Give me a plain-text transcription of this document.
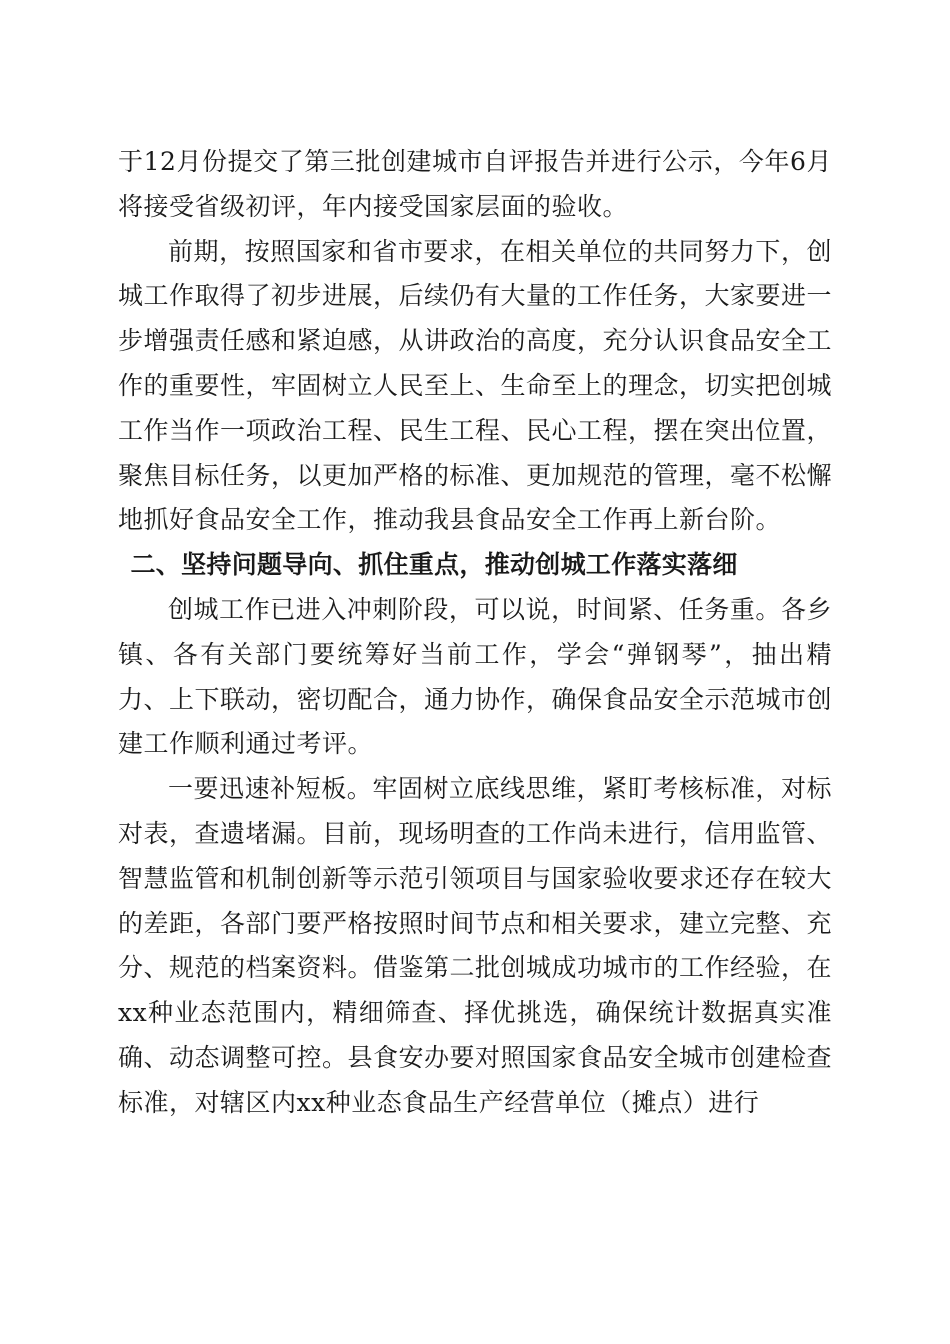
于12月份提交了第三批创建城市自评报告并进行公示，今年6月将接受省级初评，年内接受国家层面的验收。

前期，按照国家和省市要求，在相关单位的共同努力下，创城工作取得了初步进展，后续仍有大量的工作任务，大家要进一步增强责任感和紧迫感，从讲政治的高度，充分认识食品安全工作的重要性，牢固树立人民至上、生命至上的理念，切实把创城工作当作一项政治工程、民生工程、民心工程，摆在突出位置，聚焦目标任务，以更加严格的标准、更加规范的管理，毫不松懈地抓好食品安全工作，推动我县食品安全工作再上新台阶。

二、坚持问题导向、抓住重点，推动创城工作落实落细

创城工作已进入冲刺阶段，可以说，时间紧、任务重。各乡镇、各有关部门要统筹好当前工作，学会“弹钢琴”，抽出精力、上下联动，密切配合，通力协作，确保食品安全示范城市创建工作顺利通过考评。

一要迅速补短板。牢固树立底线思维，紧盯考核标准，对标对表，查遗堵漏。目前，现场明查的工作尚未进行，信用监管、智慧监管和机制创新等示范引领项目与国家验收要求还存在较大的差距，各部门要严格按照时间节点和相关要求，建立完整、充分、规范的档案资料。借鉴第二批创城成功城市的工作经验，在xx种业态范围内，精细筛查、择优挑选，确保统计数据真实准确、动态调整可控。县食安办要对照国家食品安全城市创建检查标准，对辖区内xx种业态食品生产经营单位（摊点）进行
